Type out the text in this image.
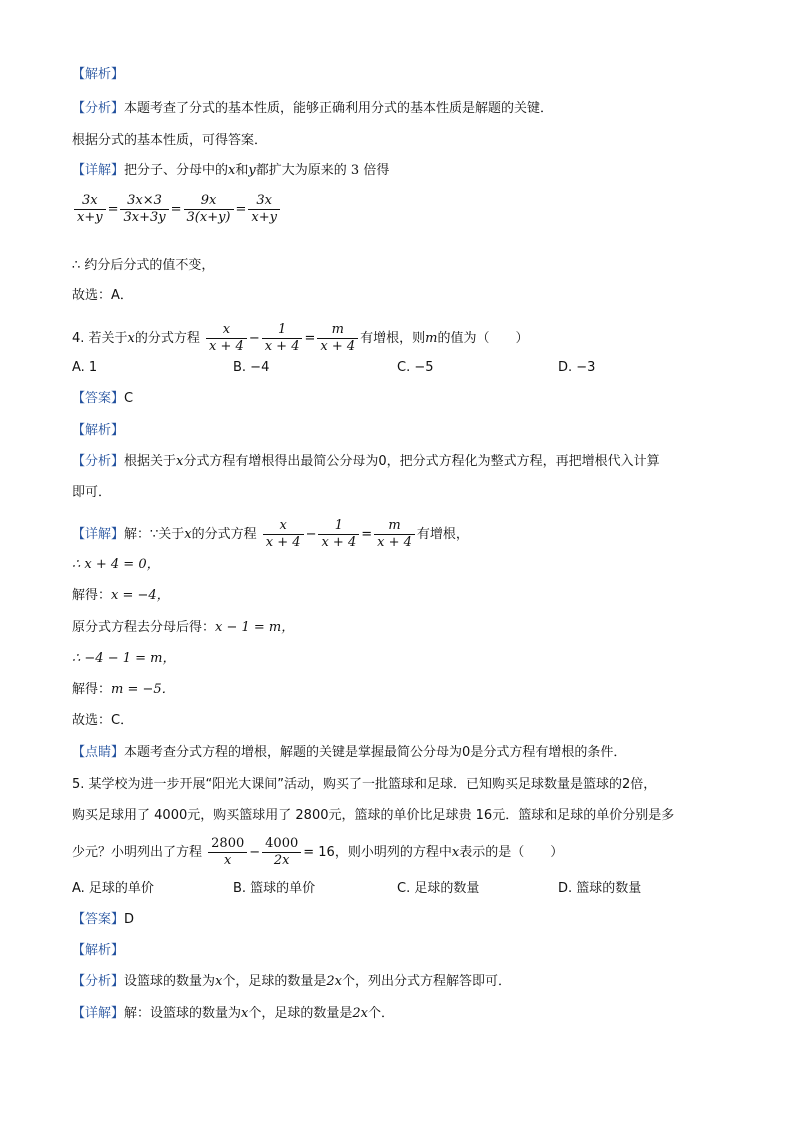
【解析】
【分析】本题考查了分式的基本性质，能够正确利用分式的基本性质是解题的关键．
根据分式的基本性质，可得答案．
【详解】把分子、分母中的x和y都扩大为原来的 3 倍得
$\frac{3x}{x+y} = \frac{3x\times 3}{3x+3y} = \frac{9x}{3(x+y)} = \frac{3x}{x+y}$
∴ 约分后分式的值不变，
故选：A．
4. 若关于x的分式方程 $\frac{x}{x + 4} - \frac{1}{x + 4} = \frac{m}{x + 4}$ 有增根，则m的值为（　　）
A. 1	B. −4	C. −5	D. −3
【答案】C
【解析】
【分析】根据关于x分式方程有增根得出最简公分母为0，把分式方程化为整式方程，再把增根代入计算
即可．
【详解】解：∵关于x的分式方程 $\frac{x}{x + 4} - \frac{1}{x + 4} = \frac{m}{x + 4}$ 有增根，
∴ x + 4 = 0，
解得：x = −4，
原分式方程去分母后得：x − 1 = m，
∴ −4 − 1 = m，
解得：m = −5．
故选：C．
【点睛】本题考查分式方程的增根，解题的关键是掌握最简公分母为0是分式方程有增根的条件．
5. 某学校为进一步开展“阳光大课间”活动，购买了一批篮球和足球．已知购买足球数量是篮球的2倍，
购买足球用了 4000元，购买篮球用了 2800元，篮球的单价比足球贵 16元．篮球和足球的单价分别是多
少元？小明列出了方程 $\frac{2800}{x} - \frac{4000}{2x} = 16$，则小明列的方程中x表示的是（　　）
A. 足球的单价	B. 篮球的单价	C. 足球的数量	D. 篮球的数量
【答案】D
【解析】
【分析】设篮球的数量为x个，足球的数量是2x个，列出分式方程解答即可．
【详解】解：设篮球的数量为x个，足球的数量是2x个．
